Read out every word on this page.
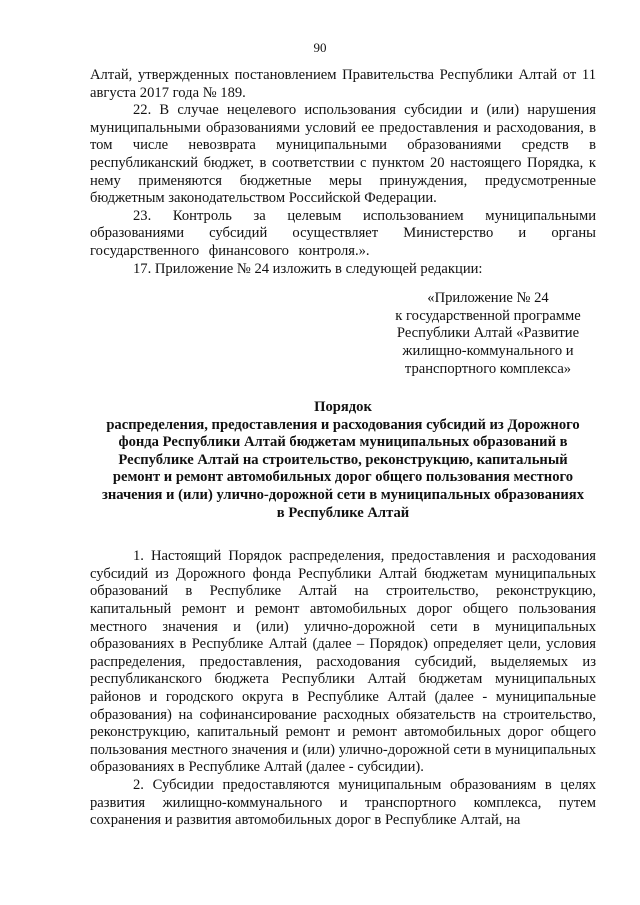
90

Алтай, утвержденных постановлением Правительства Республики Алтай от 11 августа 2017 года № 189.

22. В случае нецелевого использования субсидии и (или) нарушения муниципальными образованиями условий ее предоставления и расходования, в том числе невозврата муниципальными образованиями средств в республиканский бюджет, в соответствии с пунктом 20 настоящего Порядка, к нему применяются бюджетные меры принуждения, предусмотренные бюджетным законодательством Российской Федерации.

23. Контроль за целевым использованием муниципальными образованиями субсидий осуществляет Министерство и органы государственного финансового контроля.».

17. Приложение № 24 изложить в следующей редакции:

«Приложение № 24
к государственной программе
Республики Алтай «Развитие
жилищно-коммунального и
транспортного комплекса»
Порядок
распределения, предоставления и расходования субсидий из Дорожного
фонда Республики Алтай бюджетам муниципальных образований в
Республике Алтай на строительство, реконструкцию, капитальный
ремонт и ремонт автомобильных дорог общего пользования местного
значения и (или) улично-дорожной сети в муниципальных образованиях
в Республике Алтай

1. Настоящий Порядок распределения, предоставления и расходования субсидий из Дорожного фонда Республики Алтай бюджетам муниципальных образований в Республике Алтай на строительство, реконструкцию, капитальный ремонт и ремонт автомобильных дорог общего пользования местного значения и (или) улично-дорожной сети в муниципальных образованиях в Республике Алтай (далее – Порядок) определяет цели, условия распределения, предоставления, расходования субсидий, выделяемых из республиканского бюджета Республики Алтай бюджетам муниципальных районов и городского округа в Республике Алтай (далее - муниципальные образования) на софинансирование расходных обязательств на строительство, реконструкцию, капитальный ремонт и ремонт автомобильных дорог общего пользования местного значения и (или) улично-дорожной сети в муниципальных образованиях в Республике Алтай (далее - субсидии).

2. Субсидии предоставляются муниципальным образованиям в целях развития жилищно-коммунального и транспортного комплекса, путем сохранения и развития автомобильных дорог в Республике Алтай, на
